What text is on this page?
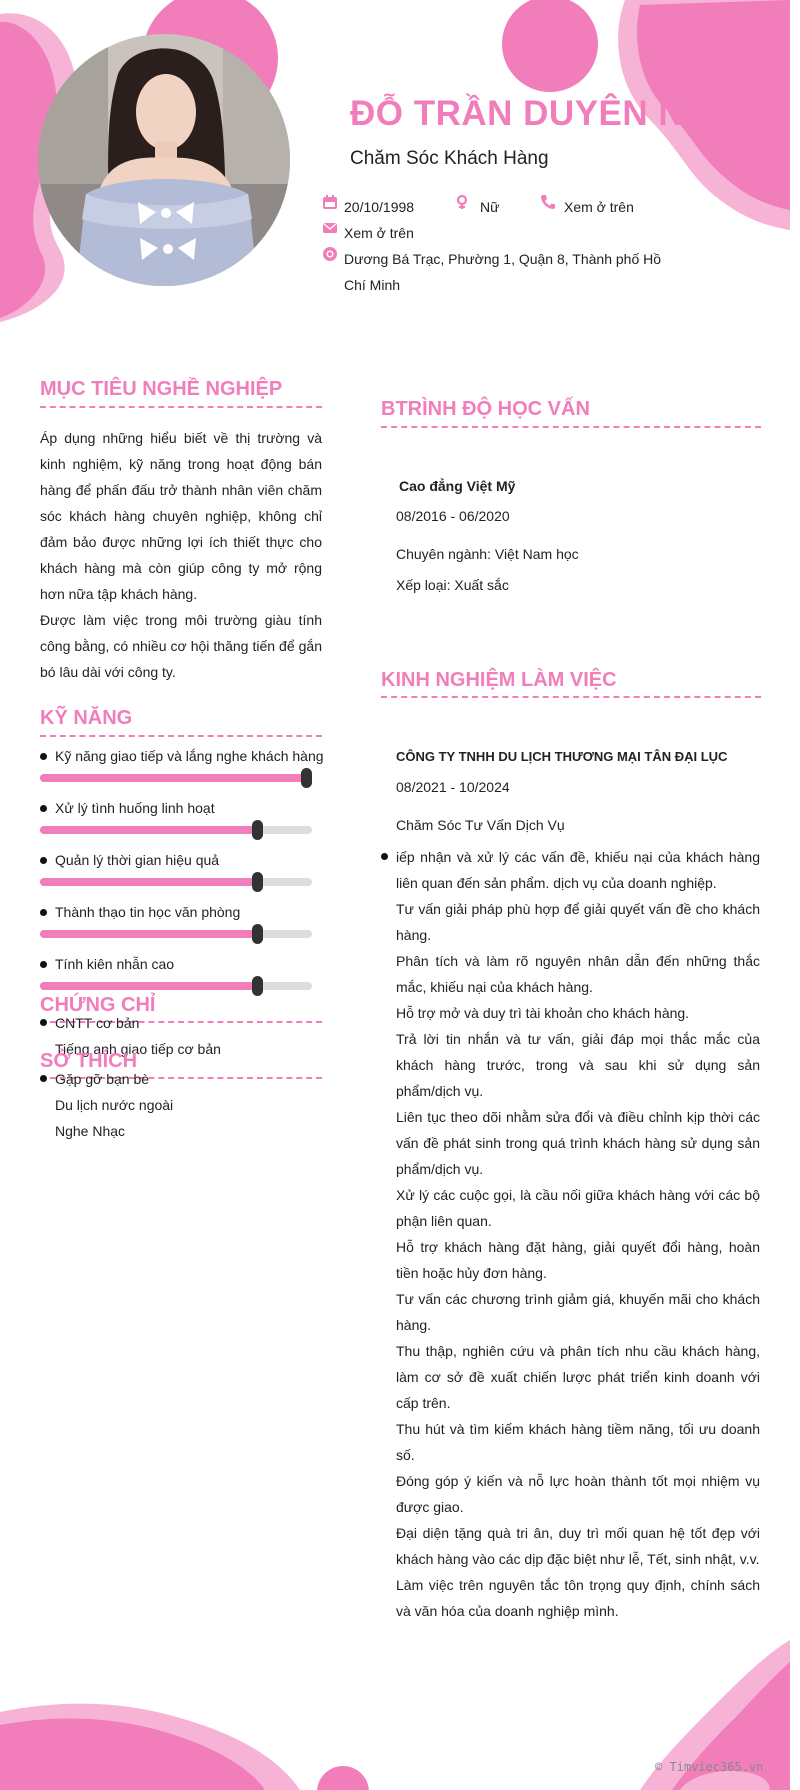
ĐỖ TRẦN DUYÊN NGHI
Chăm Sóc Khách Hàng
20/10/1998	Nữ	Xem ở trên
Xem ở trên
Dương Bá Trạc, Phường 1, Quận 8, Thành phố Hồ Chí Minh
MỤC TIÊU NGHỀ NGHIỆP
Áp dụng những hiểu biết về thị trường và kinh nghiệm, kỹ năng trong hoạt động bán hàng để phấn đấu trở thành nhân viên chăm sóc khách hàng chuyên nghiệp, không chỉ đảm bảo được những lợi ích thiết thực cho khách hàng mà còn giúp công ty mở rộng hơn nữa tập khách hàng.
Được làm việc trong môi trường giàu tính công bằng, có nhiều cơ hội thăng tiến để gắn bó lâu dài với công ty.
KỸ NĂNG
Kỹ năng giao tiếp và lắng nghe khách hàng
Xử lý tình huống linh hoạt
Quản lý thời gian hiệu quả
Thành thạo tin học văn phòng
Tính kiên nhẫn cao
CHỨNG CHỈ
CNTT cơ bản
Tiếng anh giao tiếp cơ bản
SỞ THÍCH
Gặp gỡ bạn bè
Du lịch nước ngoài
Nghe Nhạc
BTRÌNH ĐỘ HỌC VẤN
Cao đẳng Việt Mỹ
08/2016 - 06/2020
Chuyên ngành: Việt Nam học
Xếp loại: Xuất sắc
KINH NGHIỆM LÀM VIỆC
CÔNG TY TNHH DU LỊCH THƯƠNG MẠI TÂN ĐẠI LỤC
08/2021 - 10/2024
Chăm Sóc Tư Vấn Dịch Vụ

iếp nhận và xử lý các vấn đề, khiếu nại của khách hàng liên quan đến sản phẩm. dịch vụ của doanh nghiệp.

Tư vấn giải pháp phù hợp để giải quyết vấn đề cho khách hàng.

Phân tích và làm rõ nguyên nhân dẫn đến những thắc mắc, khiếu nại của khách hàng.

Hỗ trợ mở và duy trì tài khoản cho khách hàng.

Trả lời tin nhắn và tư vấn, giải đáp mọi thắc mắc của khách hàng trước, trong và sau khi sử dụng sản phẩm/dịch vụ.

Liên tục theo dõi nhằm sửa đổi và điều chỉnh kịp thời các vấn đề phát sinh trong quá trình khách hàng sử dụng sản phẩm/dịch vụ.

Xử lý các cuộc gọi, là cầu nối giữa khách hàng với các bộ phận liên quan.

Hỗ trợ khách hàng đặt hàng, giải quyết đổi hàng, hoàn tiền hoặc hủy đơn hàng.

Tư vấn các chương trình giảm giá, khuyến mãi cho khách hàng.

Thu thập, nghiên cứu và phân tích nhu cầu khách hàng, làm cơ sở đề xuất chiến lược phát triển kinh doanh với cấp trên.

Thu hút và tìm kiếm khách hàng tiềm năng, tối ưu doanh số.

Đóng góp ý kiến và nỗ lực hoàn thành tốt mọi nhiệm vụ được giao.

Đại diện tặng quà tri ân, duy trì mối quan hệ tốt đẹp với khách hàng vào các dịp đặc biệt như lễ, Tết, sinh nhật, v.v.

Làm việc trên nguyên tắc tôn trọng quy định, chính sách và văn hóa của doanh nghiệp mình.

© Timviec365.vn
